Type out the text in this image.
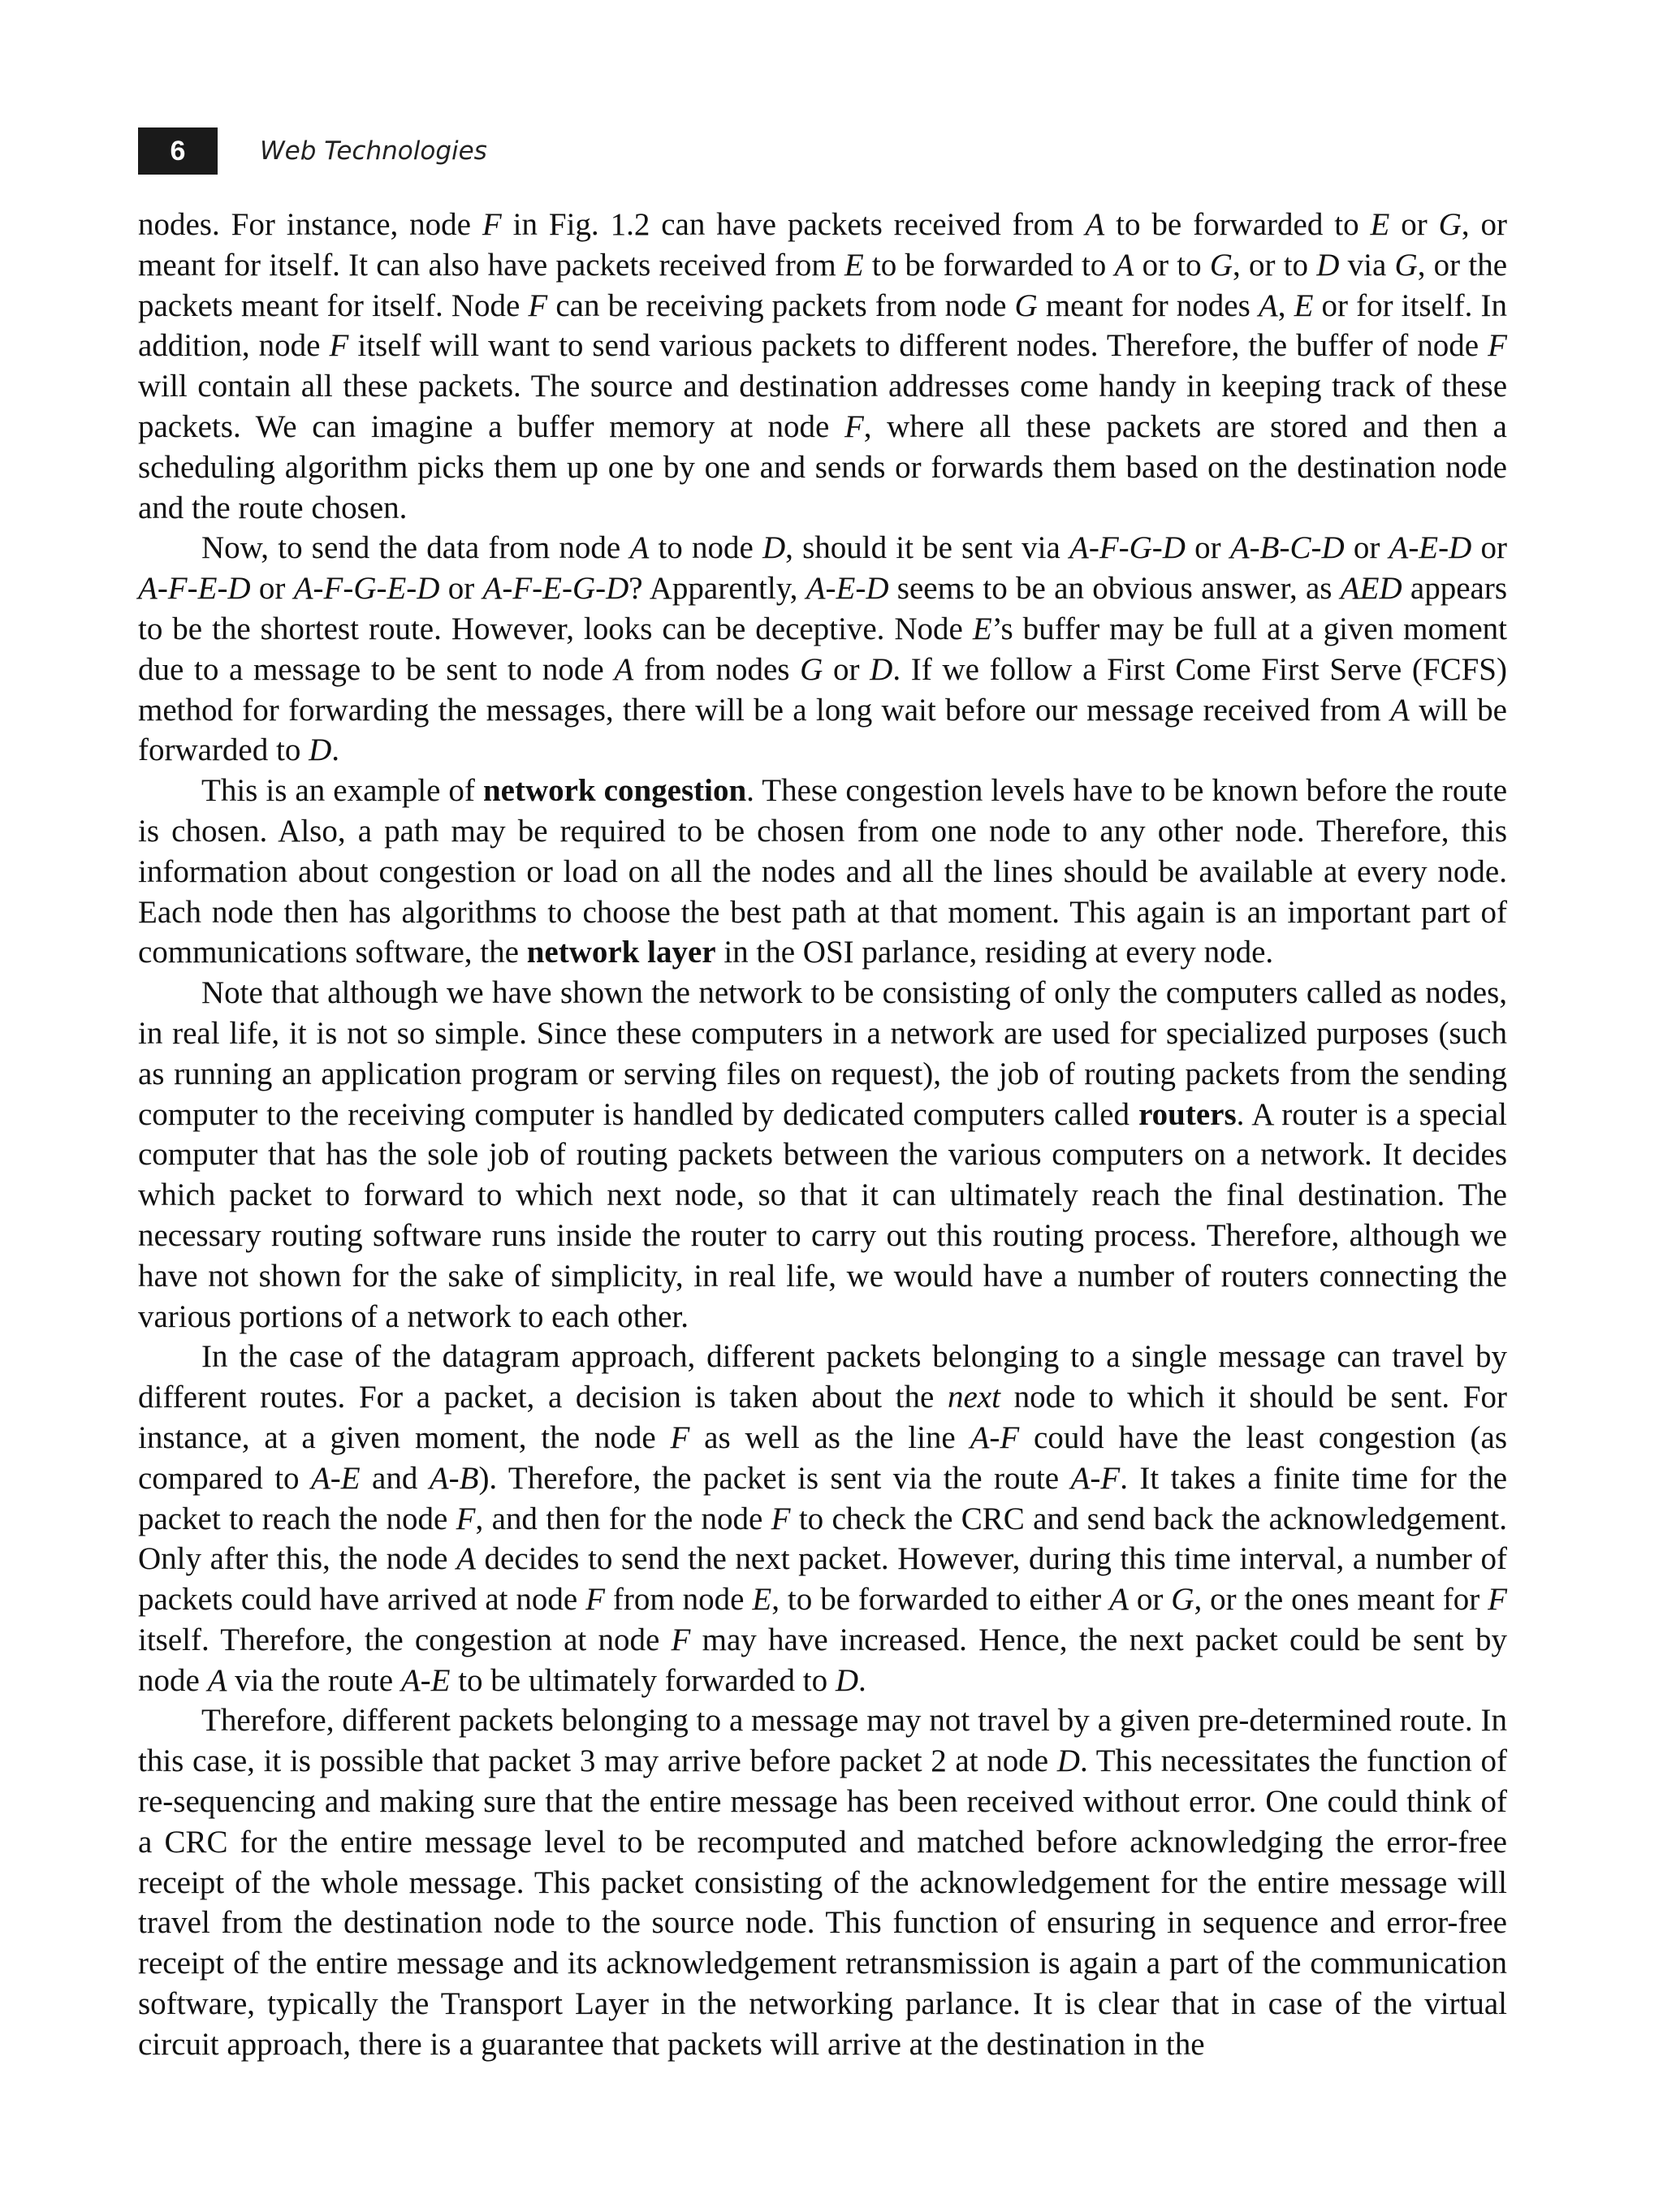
6	Web Technologies

nodes. For instance, node F in Fig. 1.2 can have packets received from A to be forwarded to E or G, or meant for itself. It can also have packets received from E to be forwarded to A or to G, or to D via G, or the packets meant for itself. Node F can be receiving packets from node G meant for nodes A, E or for itself. In addition, node F itself will want to send various packets to different nodes. Therefore, the buffer of node F will contain all these packets. The source and destination addresses come handy in keeping track of these packets. We can imagine a buffer memory at node F, where all these packets are stored and then a scheduling algorithm picks them up one by one and sends or forwards them based on the destination node and the route chosen.

Now, to send the data from node A to node D, should it be sent via A-F-G-D or A-B-C-D or A-E-D or A-F-E-D or A-F-G-E-D or A-F-E-G-D? Apparently, A-E-D seems to be an obvious answer, as AED appears to be the shortest route. However, looks can be deceptive. Node E’s buffer may be full at a given moment due to a message to be sent to node A from nodes G or D. If we follow a First Come First Serve (FCFS) method for forwarding the messages, there will be a long wait before our message received from A will be forwarded to D.

This is an example of network congestion. These congestion levels have to be known before the route is chosen. Also, a path may be required to be chosen from one node to any other node. Therefore, this information about congestion or load on all the nodes and all the lines should be available at every node. Each node then has algorithms to choose the best path at that moment. This again is an important part of communications software, the network layer in the OSI parlance, residing at every node.

Note that although we have shown the network to be consisting of only the computers called as nodes, in real life, it is not so simple. Since these computers in a network are used for specialized purposes (such as running an application program or serving files on request), the job of routing packets from the sending computer to the receiving computer is handled by dedicated computers called routers. A router is a special computer that has the sole job of routing packets between the various computers on a network. It decides which packet to forward to which next node, so that it can ultimately reach the final destination. The necessary routing software runs inside the router to carry out this routing process. Therefore, although we have not shown for the sake of simplicity, in real life, we would have a number of routers connecting the various portions of a network to each other.

In the case of the datagram approach, different packets belonging to a single message can travel by different routes. For a packet, a decision is taken about the next node to which it should be sent. For instance, at a given moment, the node F as well as the line A-F could have the least congestion (as compared to A-E and A-B). Therefore, the packet is sent via the route A-F. It takes a finite time for the packet to reach the node F, and then for the node F to check the CRC and send back the acknowledgement. Only after this, the node A decides to send the next packet. However, during this time interval, a number of packets could have arrived at node F from node E, to be forwarded to either A or G, or the ones meant for F itself. Therefore, the congestion at node F may have increased. Hence, the next packet could be sent by node A via the route A-E to be ultimately forwarded to D.

Therefore, different packets belonging to a message may not travel by a given pre-determined route. In this case, it is possible that packet 3 may arrive before packet 2 at node D. This necessitates the function of re-sequencing and making sure that the entire message has been received without error. One could think of a CRC for the entire message level to be recomputed and matched before acknowledging the error-free receipt of the whole message. This packet consisting of the acknowledgement for the entire message will travel from the destination node to the source node. This function of ensuring in sequence and error-free receipt of the entire message and its acknowledgement retransmission is again a part of the communication software, typically the Transport Layer in the networking parlance. It is clear that in case of the virtual circuit approach, there is a guarantee that packets will arrive at the destination in the
